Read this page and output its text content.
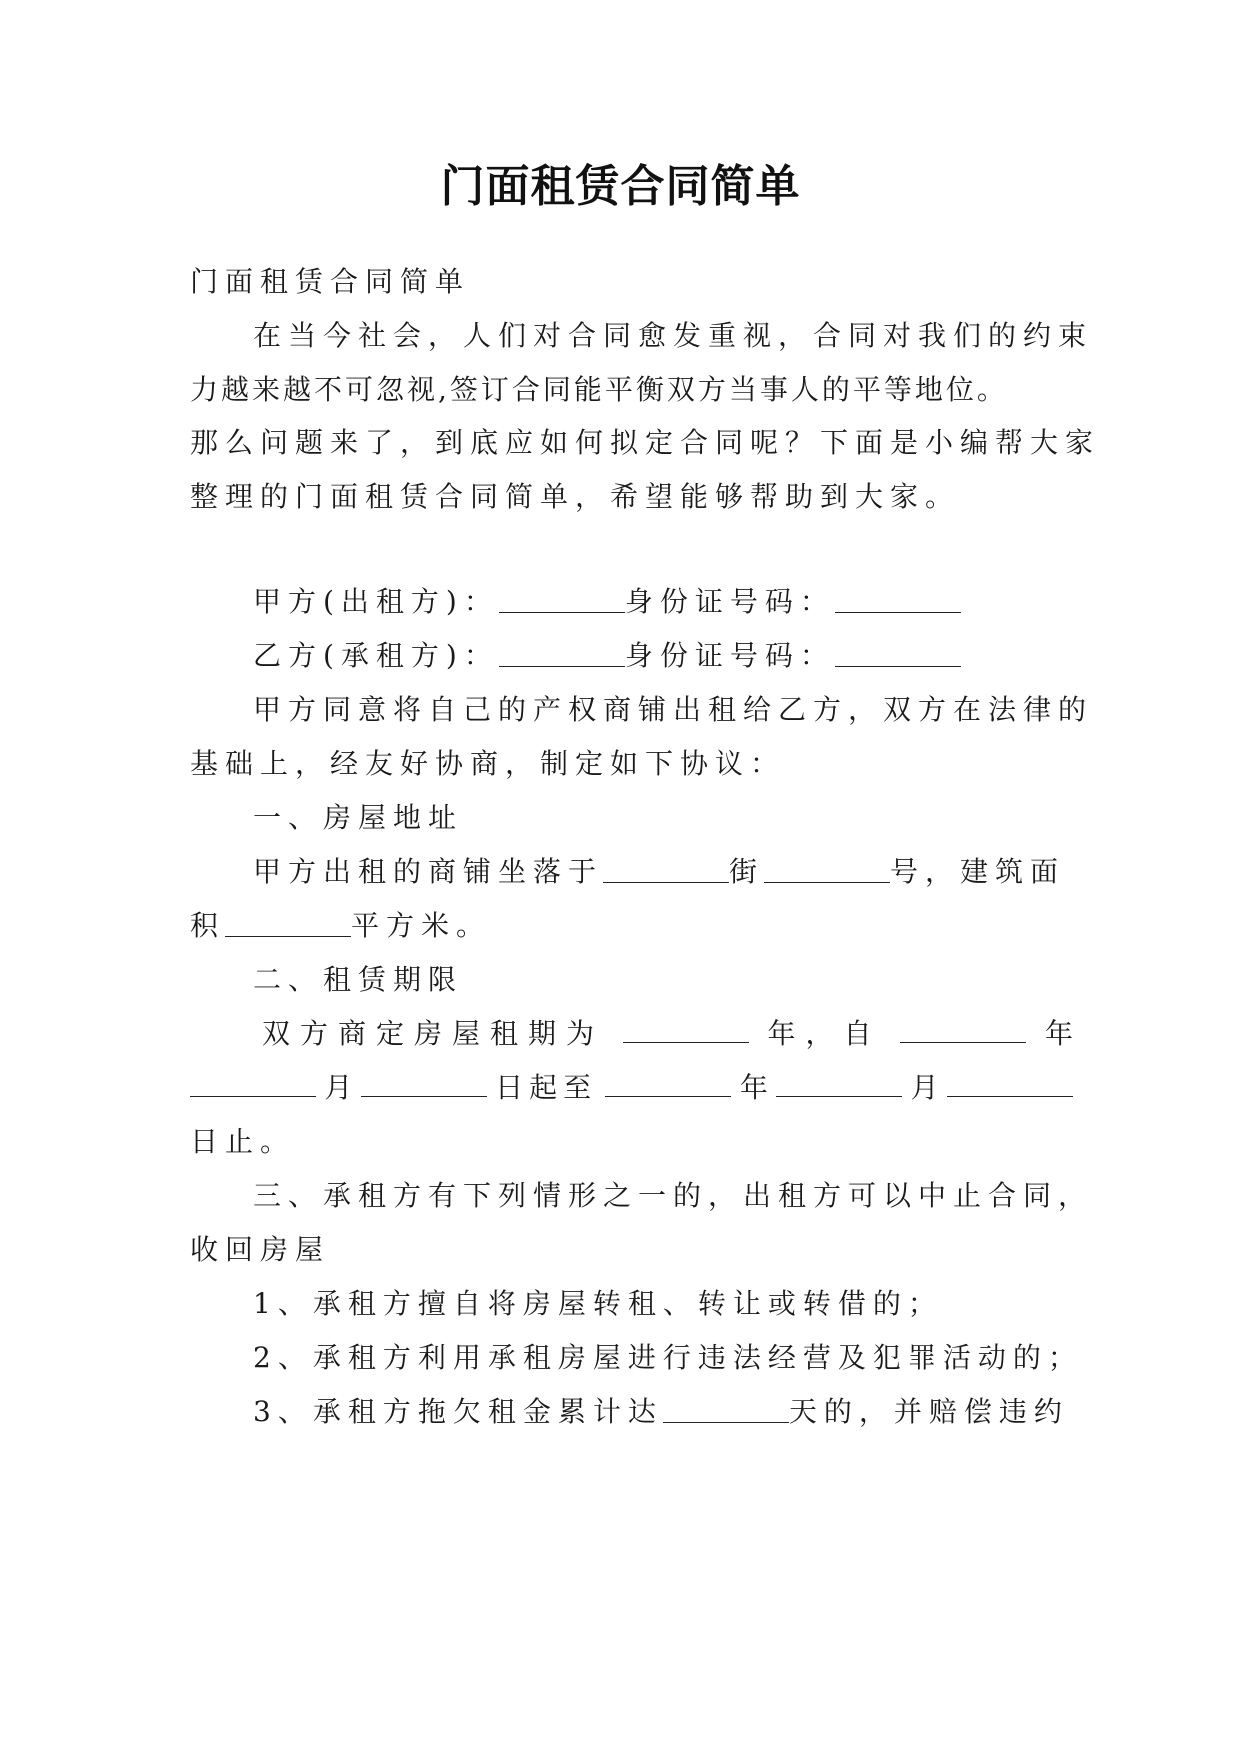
门面租赁合同简单
门面租赁合同简单
在当今社会，人们对合同愈发重视，合同对我们的约束
力越来越不可忽视,签订合同能平衡双方当事人的平等地位。
那么问题来了，到底应如何拟定合同呢？下面是小编帮大家
整理的门面租赁合同简单，希望能够帮助到大家。
甲方(出租方)：	身份证号码：
乙方(承租方)：	身份证号码：
甲方同意将自己的产权商铺出租给乙方，双方在法律的
基础上，经友好协商，制定如下协议：
一、房屋地址
甲方出租的商铺坐落于	街	号，建筑面
积	平方米。
二、租赁期限
双方商定房屋租期为	年，自	年
月	日起至	年	月
日止。
三、承租方有下列情形之一的，出租方可以中止合同，
收回房屋
1、承租方擅自将房屋转租、转让或转借的；
2、承租方利用承租房屋进行违法经营及犯罪活动的；
3、承租方拖欠租金累计达	天的，并赔偿违约
